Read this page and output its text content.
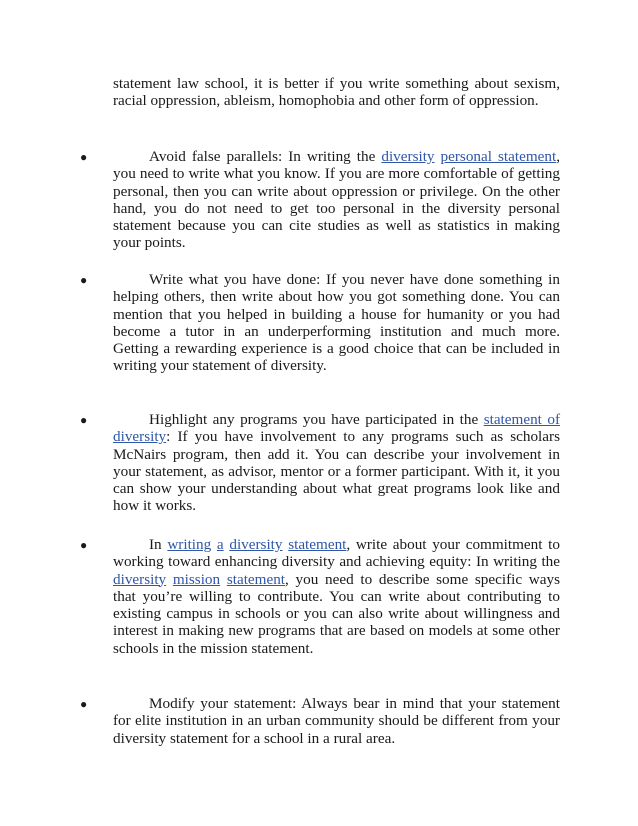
statement law school, it is better if you write something about sexism, racial oppression, ableism, homophobia and other form of oppression.
●	Avoid false parallels: In writing the diversity personal statement, you need to write what you know. If you are more comfortable of getting personal, then you can write about oppression or privilege. On the other hand, you do not need to get too personal in the diversity personal statement because you can cite studies as well as statistics in making your points.
●	Write what you have done: If you never have done something in helping others, then write about how you got something done. You can mention that you helped in building a house for humanity or you had become a tutor in an underperforming institution and much more. Getting a rewarding experience is a good choice that can be included in writing your statement of diversity.
●	Highlight any programs you have participated in the statement of diversity: If you have involvement to any programs such as scholars McNairs program, then add it. You can describe your involvement in your statement, as advisor, mentor or a former participant. With it, it you can show your understanding about what great programs look like and how it works.
●	In writing a diversity statement, write about your commitment to working toward enhancing diversity and achieving equity: In writing the diversity mission statement, you need to describe some specific ways that you’re willing to contribute. You can write about contributing to existing campus in schools or you can also write about willingness and interest in making new programs that are based on models at some other schools in the mission statement.
●	Modify your statement: Always bear in mind that your statement for elite institution in an urban community should be different from your diversity statement for a school in a rural area.
